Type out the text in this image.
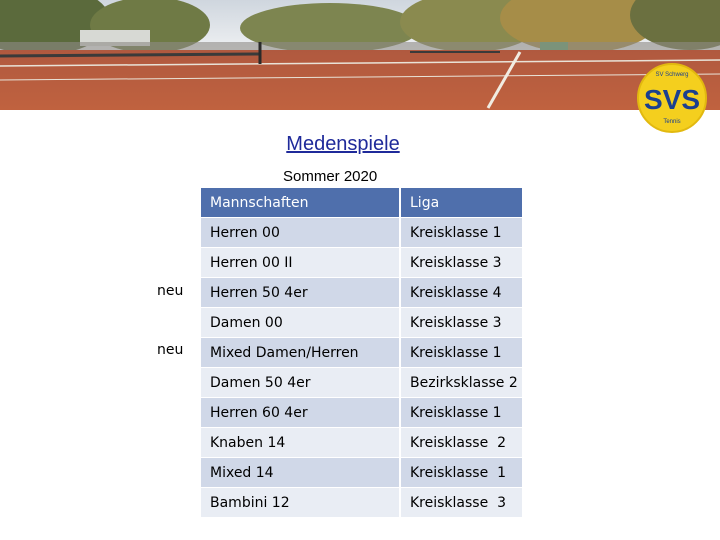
SV Schwerg
SVS
Tennis
Medenspiele
Sommer 2020
neu
neu
Mannschaften	Liga
Herren 00	Kreisklasse 1
Herren 00 II	Kreisklasse 3
Herren 50 4er	Kreisklasse 4
Damen 00	Kreisklasse 3
Mixed Damen/Herren	Kreisklasse 1
Damen 50 4er	Bezirksklasse 2
Herren 60 4er	Kreisklasse 1
Knaben 14	Kreisklasse  2
Mixed 14	Kreisklasse  1
Bambini 12	Kreisklasse  3
